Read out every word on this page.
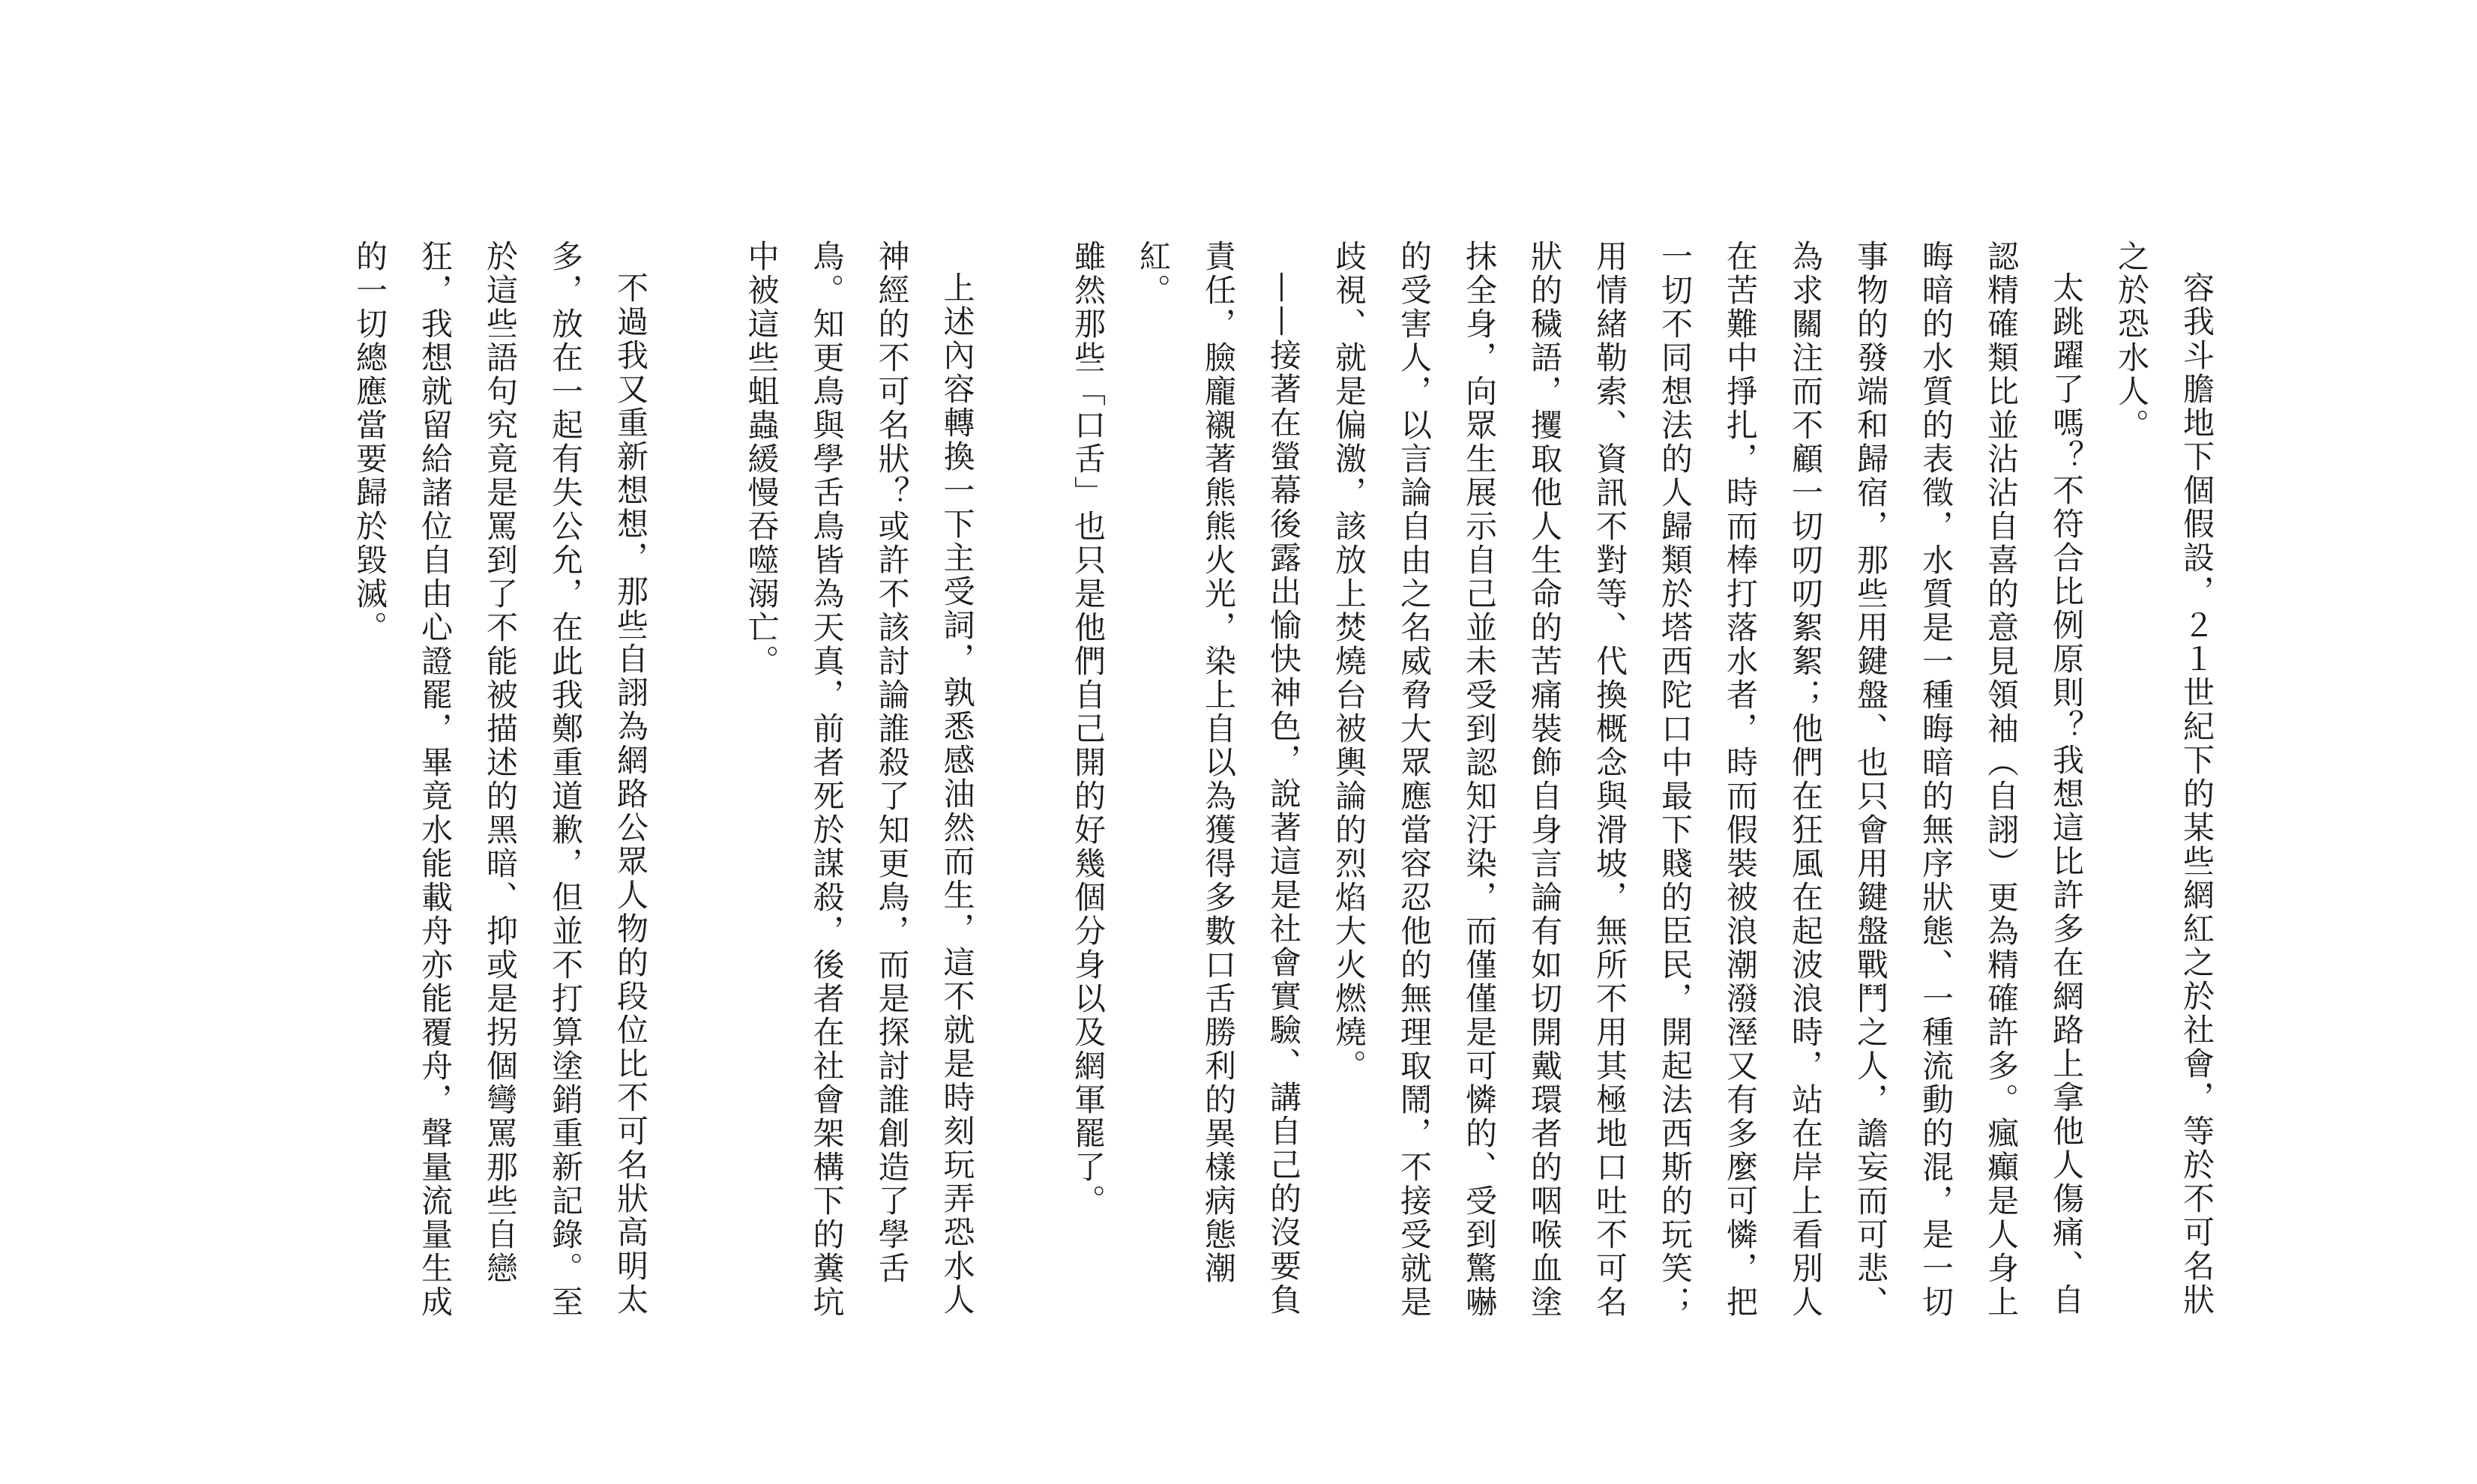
容我斗膽地下個假設，２１世紀下的某些網紅之於社會，等於不可名狀之於恐水人。

太跳躍了嗎？不符合比例原則？我想這比許多在網路上拿他人傷痛、自認精確類比並沾沾自喜的意見領袖（自詡）更為精確許多。瘋癲是人身上晦暗的水質的表徵，水質是一種晦暗的無序狀態、一種流動的混，是一切事物的發端和歸宿，那些用鍵盤、也只會用鍵盤戰鬥之人，譫妄而可悲、為求關注而不顧一切叨叨絮絮；他們在狂風在起波浪時，站在岸上看別人在苦難中掙扎，時而棒打落水者，時而假裝被浪潮潑溼又有多麼可憐，把一切不同想法的人歸類於塔西陀口中最下賤的臣民，開起法西斯的玩笑；用情緒勒索、資訊不對等、代換概念與滑坡，無所不用其極地口吐不可名狀的穢語，攫取他人生命的苦痛裝飾自身言論有如切開戴環者的咽喉血塗抹全身，向眾生展示自己並未受到認知汙染，而僅僅是可憐的、受到驚嚇的受害人，以言論自由之名威脅大眾應當容忍他的無理取鬧，不接受就是歧視、就是偏激，該放上焚燒台被輿論的烈焰大火燃燒。

——接著在螢幕後露出愉快神色，說著這是社會實驗、講自己的沒要負責任，臉龐襯著熊熊火光，染上自以為獲得多數口舌勝利的異樣病態潮紅。

雖然那些「口舌」也只是他們自己開的好幾個分身以及網軍罷了。

上述內容轉換一下主受詞，孰悉感油然而生，這不就是時刻玩弄恐水人神經的不可名狀？或許不該討論誰殺了知更鳥，而是探討誰創造了學舌鳥。知更鳥與學舌鳥皆為天真，前者死於謀殺，後者在社會架構下的糞坑中被這些蛆蟲緩慢吞噬溺亡。

不過我又重新想想，那些自詡為網路公眾人物的段位比不可名狀高明太多，放在一起有失公允，在此我鄭重道歉，但並不打算塗銷重新記錄。至於這些語句究竟是罵到了不能被描述的黑暗、抑或是拐個彎罵那些自戀狂，我想就留給諸位自由心證罷，畢竟水能載舟亦能覆舟，聲量流量生成的一切總應當要歸於毀滅。
